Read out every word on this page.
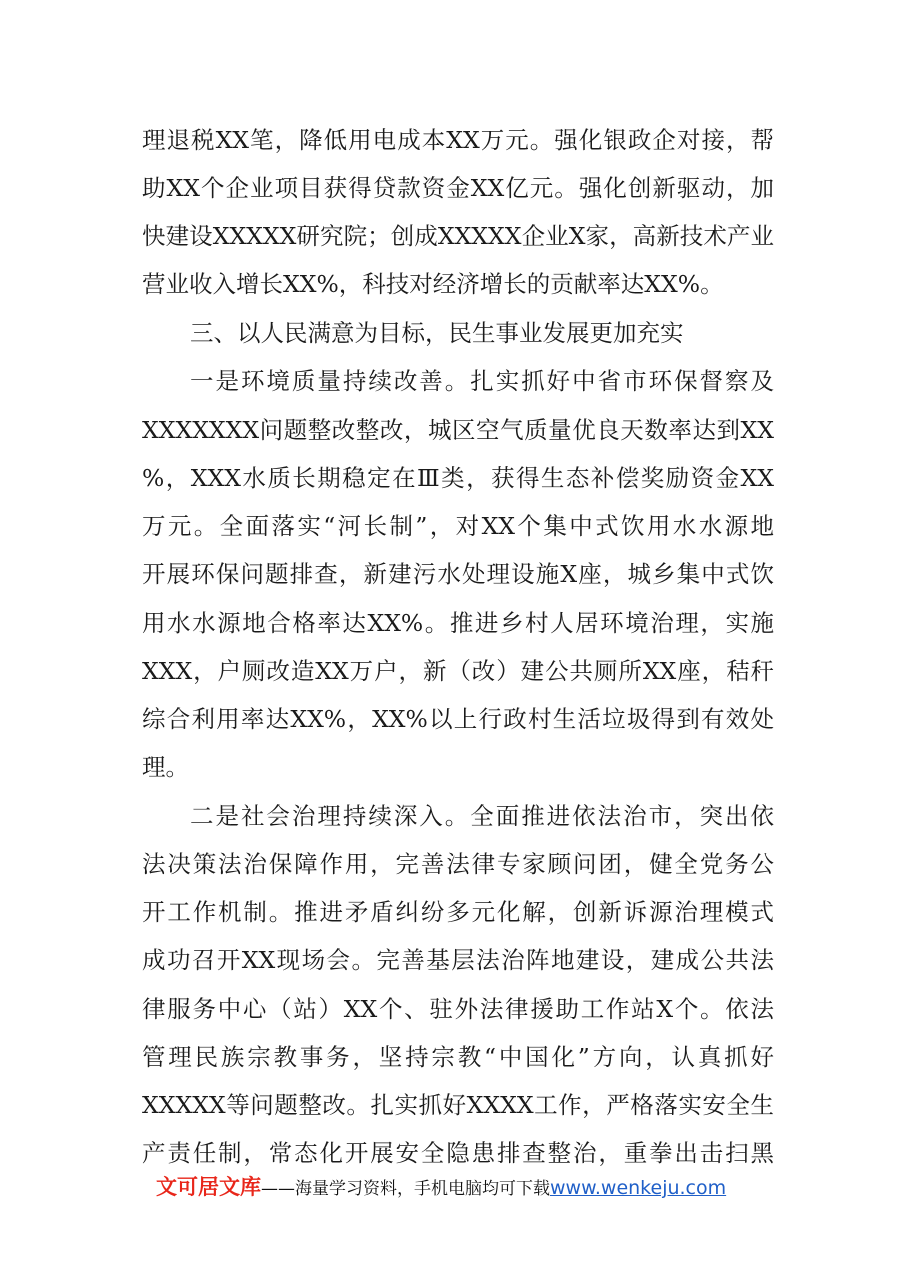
理退税XX笔，降低用电成本XX万元。强化银政企对接，帮
助XX个企业项目获得贷款资金XX亿元。强化创新驱动，加
快建设XXXXX研究院；创成XXXXX企业X家，高新技术产业
营业收入增长XX%，科技对经济增长的贡献率达XX%。
三、以人民满意为目标，民生事业发展更加充实
一是环境质量持续改善。扎实抓好中省市环保督察及
XXXXXXX问题整改整改，城区空气质量优良天数率达到XX
%，XXX水质长期稳定在Ⅲ类，获得生态补偿奖励资金XX
万元。全面落实“河长制”，对XX个集中式饮用水水源地
开展环保问题排查，新建污水处理设施X座，城乡集中式饮
用水水源地合格率达XX%。推进乡村人居环境治理，实施
XXX，户厕改造XX万户，新（改）建公共厕所XX座，秸秆
综合利用率达XX%，XX%以上行政村生活垃圾得到有效处
理。
二是社会治理持续深入。全面推进依法治市，突出依
法决策法治保障作用，完善法律专家顾问团，健全党务公
开工作机制。推进矛盾纠纷多元化解，创新诉源治理模式
成功召开XX现场会。完善基层法治阵地建设，建成公共法
律服务中心（站）XX个、驻外法律援助工作站X个。依法
管理民族宗教事务，坚持宗教“中国化”方向，认真抓好
XXXXX等问题整改。扎实抓好XXXX工作，严格落实安全生
产责任制，常态化开展安全隐患排查整治，重拳出击扫黑
文可居文库——海量学习资料，手机电脑均可下载www.wenkeju.com
